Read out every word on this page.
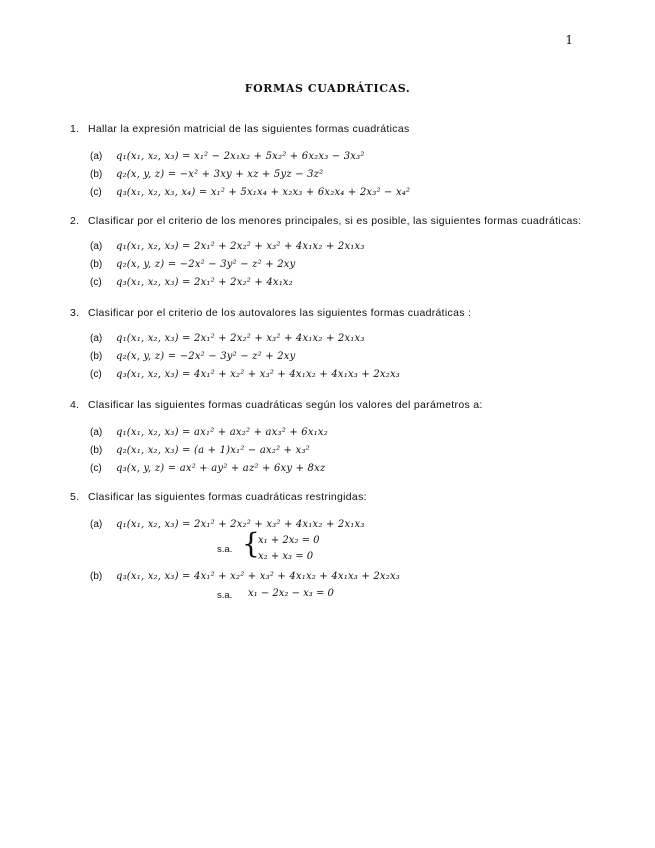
1
FORMAS CUADRÁTICAS.
1. Hallar la expresión matricial de las siguientes formas cuadráticas
(a) q₁(x₁, x₂, x₃) = x₁² − 2x₁x₂ + 5x₂² + 6x₂x₃ − 3x₃²
(b) q₂(x, y, z) = −x² + 3xy + xz + 5yz − 3z²
(c) q₃(x₁, x₂, x₃, x₄) = x₁² + 5x₁x₄ + x₂x₃ + 6x₂x₄ + 2x₃² − x₄²
2. Clasificar por el criterio de los menores principales, si es posible, las siguientes formas cuadráticas:
(a) q₁(x₁, x₂, x₃) = 2x₁² + 2x₂² + x₃² + 4x₁x₂ + 2x₁x₃
(b) q₂(x, y, z) = −2x² − 3y² − z² + 2xy
(c) q₃(x₁, x₂, x₃) = 2x₁² + 2x₂² + 4x₁x₂
3. Clasificar por el criterio de los autovalores las siguientes formas cuadráticas :
(a) q₁(x₁, x₂, x₃) = 2x₁² + 2x₂² + x₃² + 4x₁x₂ + 2x₁x₃
(b) q₂(x, y, z) = −2x² − 3y² − z² + 2xy
(c) q₃(x₁, x₂, x₃) = 4x₁² + x₂² + x₃² + 4x₁x₂ + 4x₁x₃ + 2x₂x₃
4. Clasificar las siguientes formas cuadráticas según los valores del parámetros a:
(a) q₁(x₁, x₂, x₃) = ax₁² + ax₂² + ax₃² + 6x₁x₂
(b) q₂(x₁, x₂, x₃) = (a + 1)x₁² − ax₂² + x₃²
(c) q₃(x, y, z) = ax² + ay² + az² + 6xy + 8xz
5. Clasificar las siguientes formas cuadráticas restringidas:
(a) q₁(x₁, x₂, x₃) = 2x₁² + 2x₂² + x₃² + 4x₁x₂ + 2x₁x₃
s.a. {
x₁ + 2x₂ = 0
x₂ + x₃ = 0
(b) q₃(x₁, x₂, x₃) = 4x₁² + x₂² + x₃² + 4x₁x₂ + 4x₁x₃ + 2x₂x₃
s.a. x₁ − 2x₂ − x₃ = 0
